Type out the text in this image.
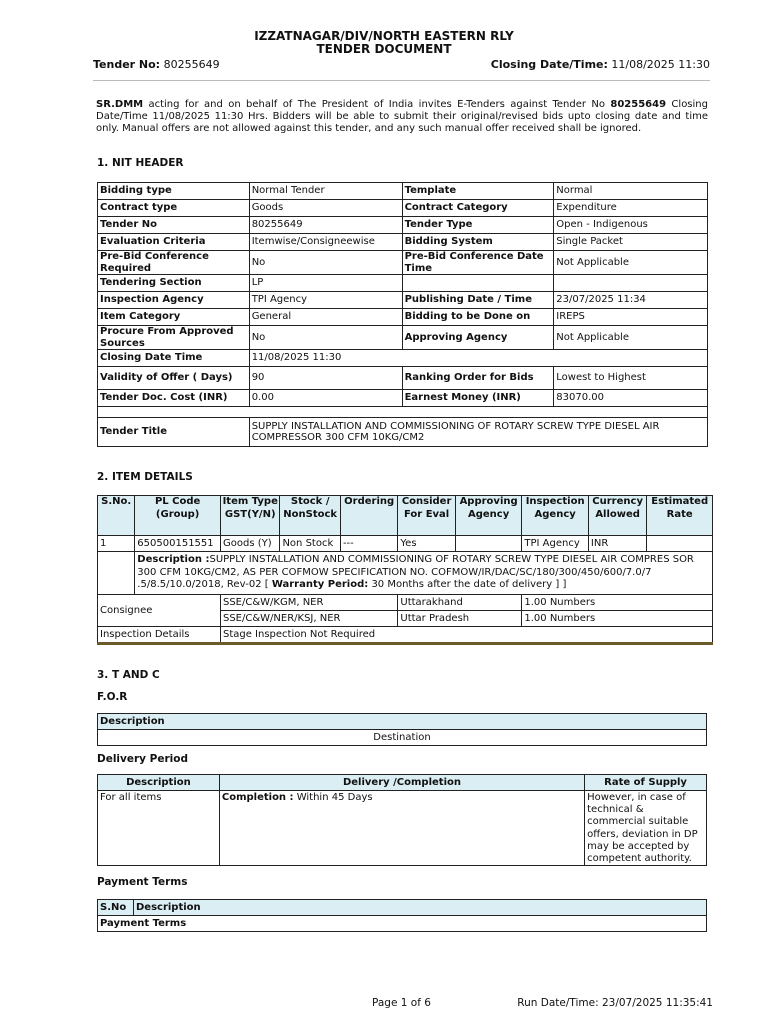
IZZATNAGAR/DIV/NORTH EASTERN RLY
TENDER DOCUMENT
Tender No: 80255649	Closing Date/Time: 11/08/2025 11:30
SR.DMM acting for and on behalf of The President of India invites E-Tenders against Tender No 80255649 Closing Date/Time 11/08/2025 11:30 Hrs. Bidders will be able to submit their original/revised bids upto closing date and time only. Manual offers are not allowed against this tender, and any such manual offer received shall be ignored.
1. NIT HEADER
Bidding type	Normal Tender	Template	Normal
Contract type	Goods	Contract Category	Expenditure
Tender No	80255649	Tender Type	Open - Indigenous
Evaluation Criteria	Itemwise/Consigneewise	Bidding System	Single Packet
Pre-Bid Conference Required	No	Pre-Bid Conference Date Time	Not Applicable
Tendering Section	LP		
Inspection Agency	TPI Agency	Publishing Date / Time	23/07/2025 11:34
Item Category	General	Bidding to be Done on	IREPS
Procure From Approved Sources	No	Approving Agency	Not Applicable
Closing Date Time	11/08/2025 11:30		
Validity of Offer ( Days)	90	Ranking Order for Bids	Lowest to Highest
Tender Doc. Cost (INR)	0.00	Earnest Money (INR)	83070.00

Tender Title	SUPPLY INSTALLATION AND COMMISSIONING OF ROTARY SCREW TYPE DIESEL AIR COMPRESSOR 300 CFM 10KG/CM2		
2. ITEM DETAILS
S.No.	PL Code (Group)	Item Type GST(Y/N)	Stock / NonStock	Ordering	Consider For Eval	Approving Agency	Inspection Agency	Currency Allowed	Estimated Rate
1	650500151551	Goods (Y)	Non Stock	---	Yes		TPI Agency	INR	
	Description :SUPPLY INSTALLATION AND COMMISSIONING OF ROTARY SCREW TYPE DIESEL AIR COMPRES SOR 300 CFM 10KG/CM2, AS PER COFMOW SPECIFICATION NO. COFMOW/IR/DAC/SC/180/300/450/600/7.0/7 .5/8.5/10.0/2018, Rev-02 [ Warranty Period: 30 Months after the date of delivery ] ]								
Consignee		SSE/C&W/KGM, NER			Uttarakhand		1.00 Numbers		
		SSE/C&W/NER/KSJ, NER			Uttar Pradesh		1.00 Numbers		
Inspection Details		Stage Inspection Not Required							
3. T AND C
F.O.R
Description
Destination
Delivery Period
Description	Delivery /Completion	Rate of Supply
For all items	Completion : Within 45 Days	However, in case of technical & commercial suitable offers, deviation in DP may be accepted by competent authority.
Payment Terms
S.No	Description
Payment Terms
Page 1 of 6	Run Date/Time: 23/07/2025 11:35:41
